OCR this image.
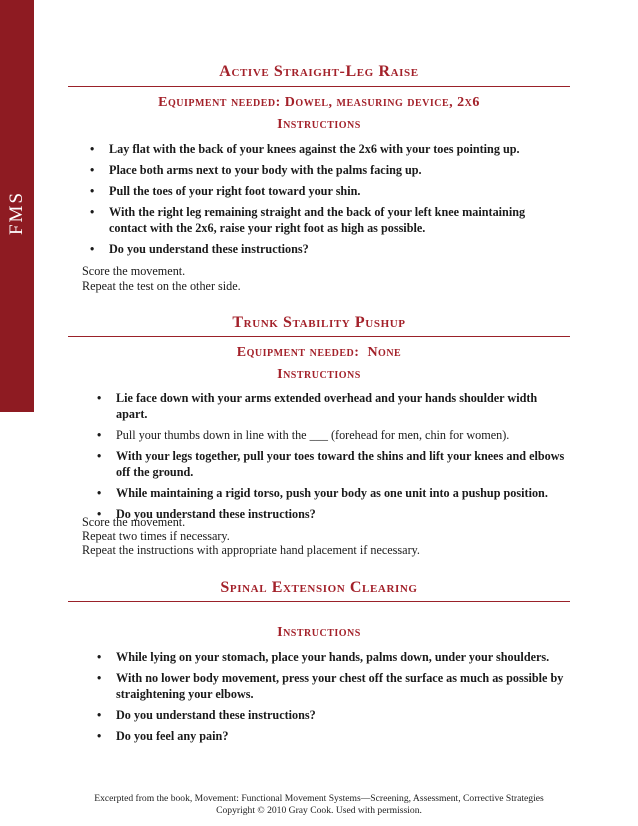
FMS
Active Straight-Leg Raise
Equipment needed: Dowel, measuring device, 2x6
Instructions
• Lay flat with the back of your knees against the 2x6 with your toes pointing up.
• Place both arms next to your body with the palms facing up.
• Pull the toes of your right foot toward your shin.
• With the right leg remaining straight and the back of your left knee maintaining contact with the 2x6, raise your right foot as high as possible.
• Do you understand these instructions?
Score the movement.
Repeat the test on the other side.
Trunk Stability Pushup
Equipment needed:  None
Instructions
• Lie face down with your arms extended overhead and your hands shoulder width apart.
• Pull your thumbs down in line with the ___ (forehead for men, chin for women).
• With your legs together, pull your toes toward the shins and lift your knees and elbows off the ground.
• While maintaining a rigid torso, push your body as one unit into a pushup position.
• Do you understand these instructions?
Score the movement.
Repeat two times if necessary.
Repeat the instructions with appropriate hand placement if necessary.
Spinal Extension Clearing
Instructions
• While lying on your stomach, place your hands, palms down, under your shoulders.
• With no lower body movement, press your chest off the surface as much as possible by straightening your elbows.
• Do you understand these instructions?
• Do you feel any pain?
Excerpted from the book, Movement: Functional Movement Systems—Screening, Assessment, Corrective Strategies
Copyright © 2010 Gray Cook. Used with permission.
